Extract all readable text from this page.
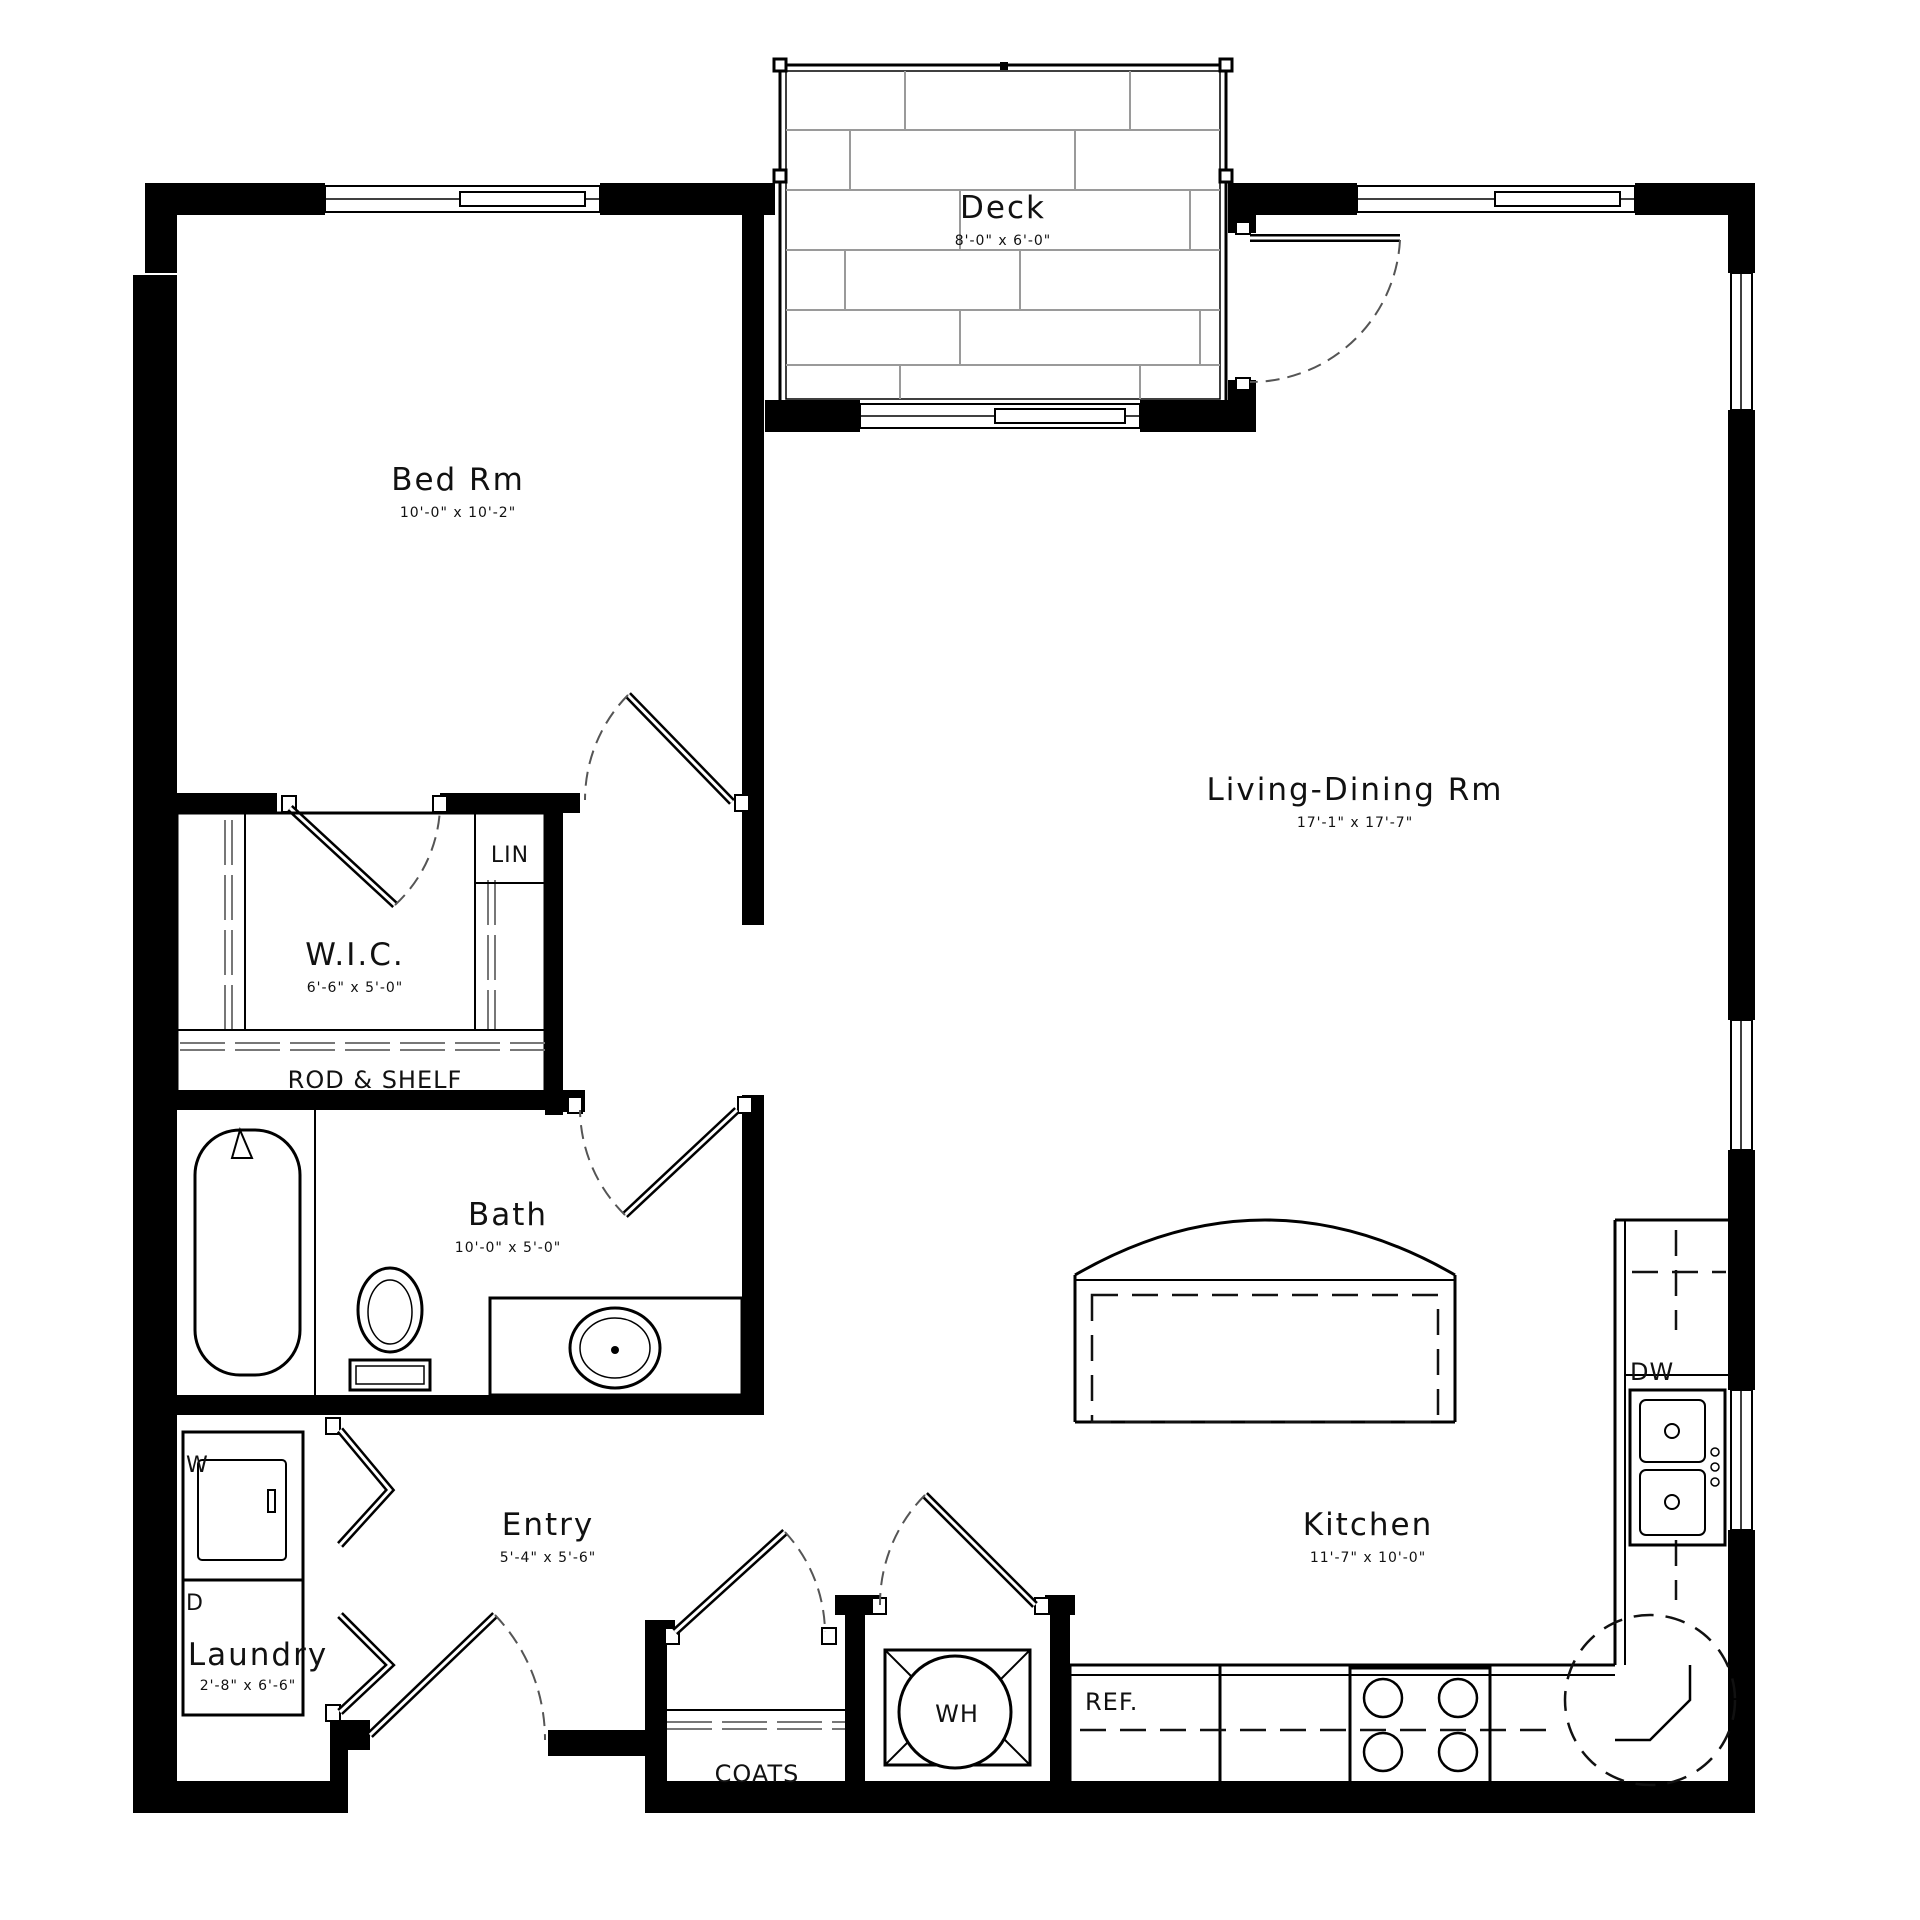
Deck
8'-0" x 6'-0"
Bed Rm
10'-0" x 10'-2"
Living-Dining Rm
17'-1" x 17'-7"
W.I.C.
6'-6" x 5'-0"
Bath
10'-0" x 5'-0"
Entry
5'-4" x 5'-6"
Kitchen
11'-7" x 10'-0"
Laundry
2'-8" x 6'-6"
LIN
ROD & SHELF
COATS
WH	REF.
DW
W
D
